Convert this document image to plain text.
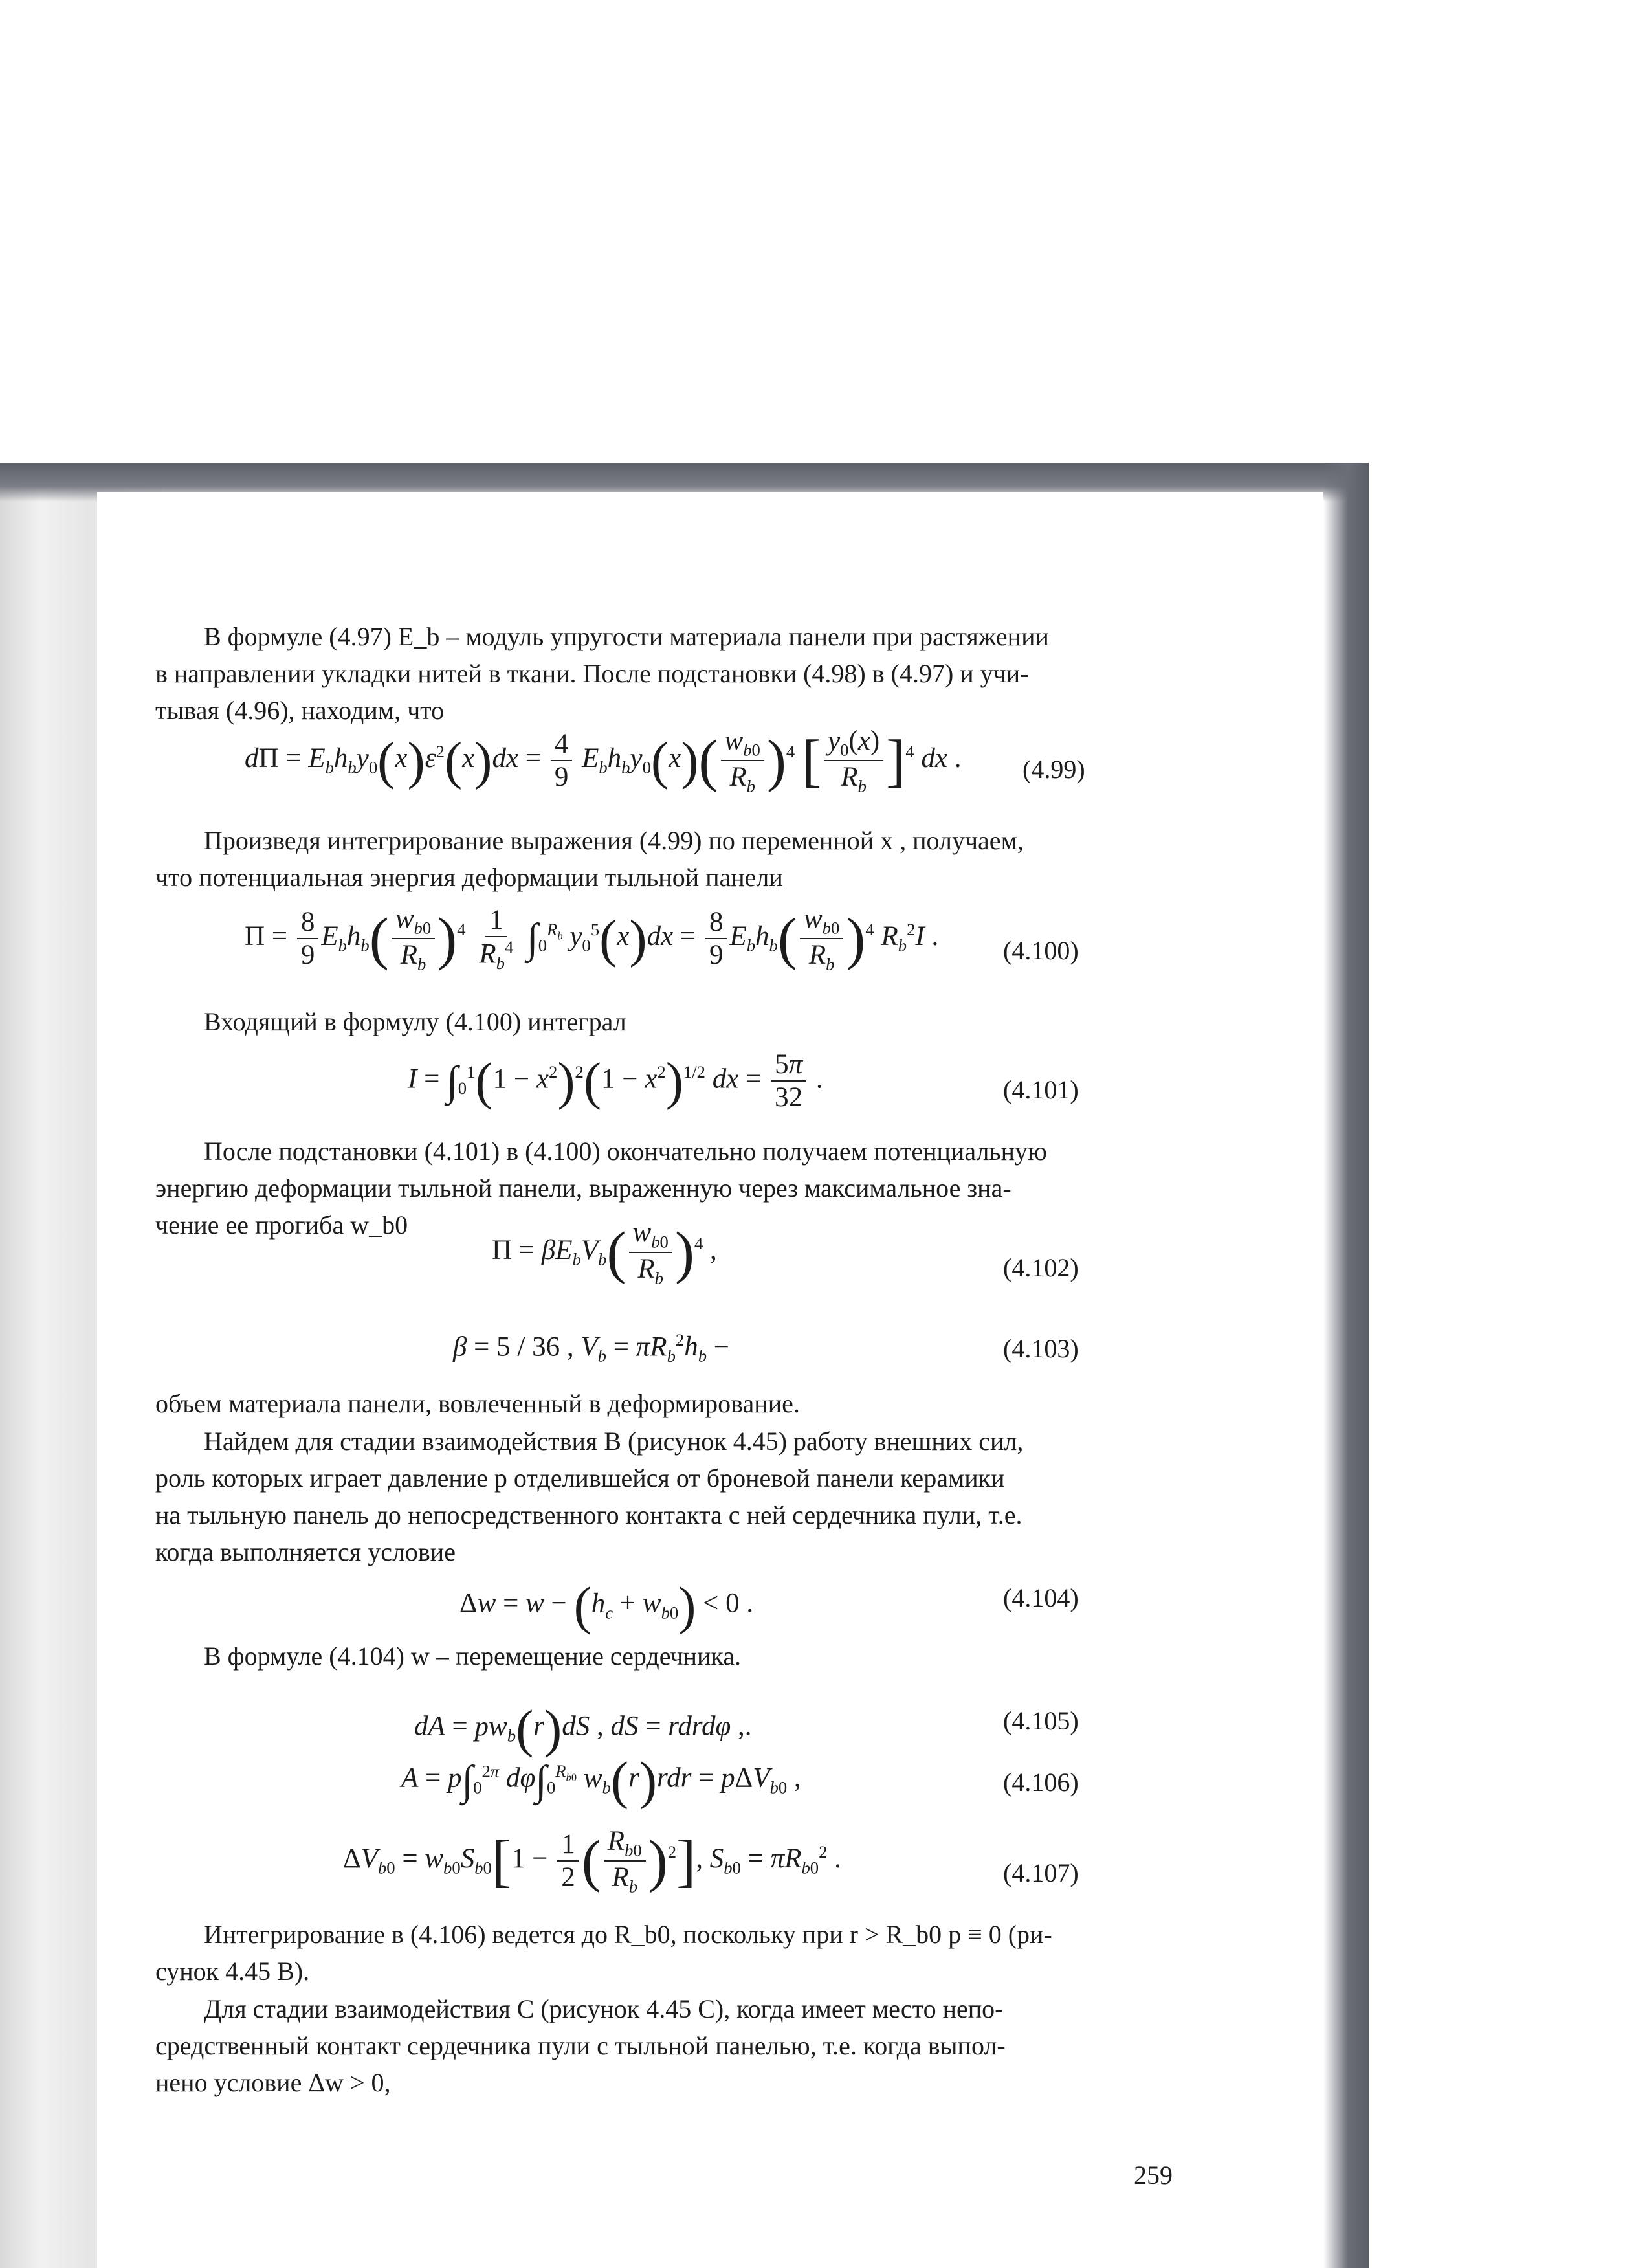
В формуле (4.97) E_b – модуль упругости материала панели при растяжении
в направлении укладки нитей в ткани. После подстановки (4.98) в (4.97) и учи-
тывая (4.96), находим, что
$d\Pi = E_bh_by_0(x)\varepsilon^2(x)dx = \frac{4}{9} E_bh_by_0(x)( \frac{w_{b0}}{R_b} )^4$ [ $\frac{y_0(x)}{R_b} ]^4$ dx . (4.99)
Произведя интегрирование выражения (4.99) по переменной x , получаем,
что потенциальная энергия деформации тыльной панели
$\Pi = \frac{8}{9} E_bh_b( \frac{w_{b0}}{R_b} )^4 \frac{1}{R_b^4} \int_0^{R_b}$ $y_0^5(x)dx = \frac{8}{9} E_bh_b( \frac{w_{b0}}{R_b} )^4$ $R_b^2I$ . (4.100)
Входящий в формулу (4.100) интеграл
$I = \int_0^1(1 - x^2)^2(1 - x^2)^{1/2}$ dx = $\frac{5\pi}{32}$ .	(4.101)
После подстановки (4.101) в (4.100) окончательно получаем потенциальную
энергию деформации тыльной панели, выраженную через максимальное зна-
чение ее прогиба w_b0
$\Pi = \beta E_bV_b( \frac{w_{b0}}{R_b} )^4$ ,
(4.102)
β = 5 / 36 , $V_b = \pi R_b^2h_b$ −	(4.103)
объем материала панели, вовлеченный в деформирование.
Найдем для стадии взаимодействия B (рисунок 4.45) работу внешних сил,
роль которых играет давление p отделившейся от броневой панели керамики
на тыльную панель до непосредственного контакта с ней сердечника пули, т.е.
когда выполняется условие
$\Delta w = w - (h_c + w_{b0}) < 0$ .	(4.104)
В формуле (4.104) w – перемещение сердечника.
dA = $pw_b(r)dS$ , dS = rdrdφ ,.	(4.105)
$A = p\int_0^{2\pi}$ $d\varphi\int_0^{R_{b0}}$ $w_b(r)rdr = p\Delta V_{b0}$ ,	(4.106)
$\Delta V_{b0} = w_{b0}S_{b0}[1 - \frac{1}{2}$ ( $\frac{R_{b0}}{R_b} )^2$], $S_{b0} = \pi R_{b0}^2$ .	(4.107)
Интегрирование в (4.106) ведется до R_b0, поскольку при r > R_b0 p ≡ 0 (ри-
сунок 4.45 В).
Для стадии взаимодействия C (рисунок 4.45 C), когда имеет место непо-
средственный контакт сердечника пули с тыльной панелью, т.е. когда выпол-
нено условие Δw > 0,
259
